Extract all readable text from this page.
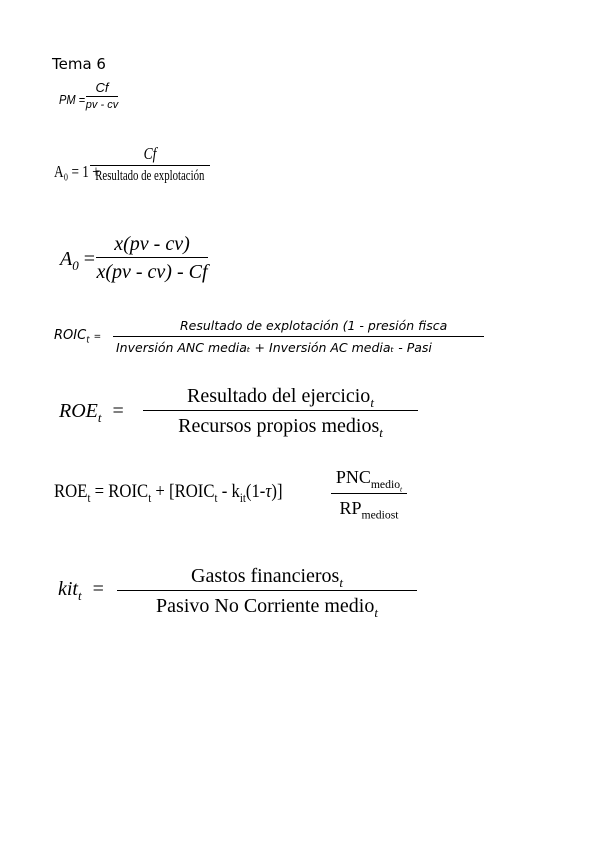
Tema 6
PM =
Cf
pv - cv
A₀ = 1 +
Cf
Resultado de explotación
$A_0$ =
x(pv - cv)
x(pv - cv) - Cf
$ROIC_t$ =
Resultado de explotación (1 - presión fisca
Inversión ANC mediaₜ + Inversión AC mediaₜ - Pasi
$ROE_t$ =
Resultado del ejercicio$_t$
Recursos propios medios$_t$
$ROE_t$ = $ROIC_t$ + $[ROIC_t - k_{it}(1-\tau)]$
$PNC_{medio_t}$
$RP_{mediost}$
kit$_t$ =
Gastos financieros$_t$
Pasivo No Corriente medio$_t$
